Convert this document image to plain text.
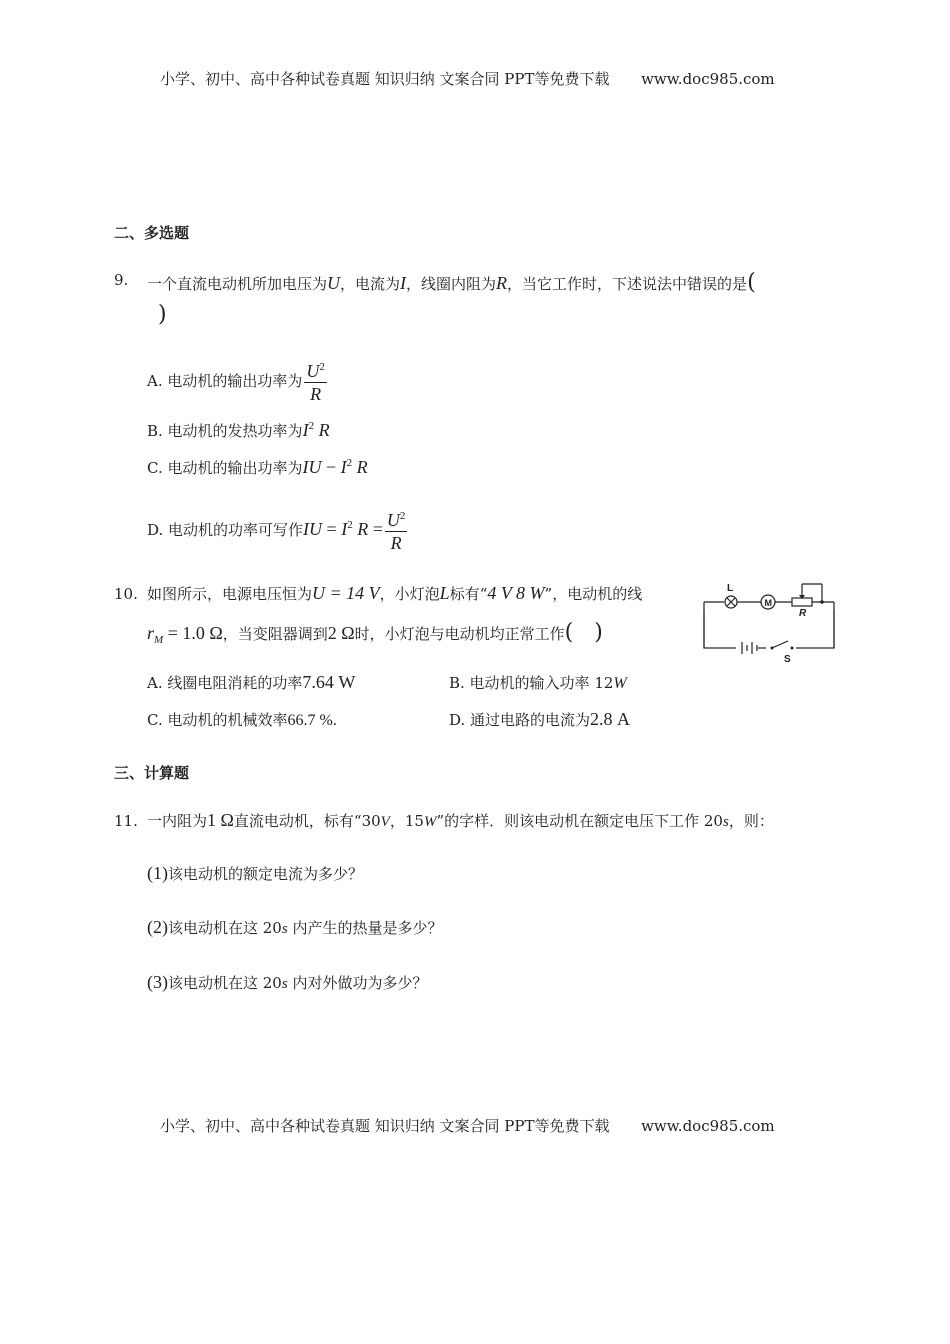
小学、初中、高中各种试卷真题 知识归纳 文案合同 PPT等免费下载 www.doc985.com
二、多选题
9. 一个直流电动机所加电压为U，电流为I，线圈内阻为R，当它工作时，下述说法中错误的是(
)
A. 电动机的输出功率为 $\frac{U^2}{R}$
B. 电动机的发热功率为$I^2$ R
C. 电动机的输出功率为IU − $I^2$ R
D. 电动机的功率可写作IU = $I^2$ $R = \frac{U^2}{R}$
10. 如图所示，电源电压恒为U = 14 V，小灯泡L标有“4 V 8 W”，电动机的线
$r_M = 1.0$ Ω，当变阻器调到2 Ω时，小灯泡与电动机均正常工作(   )
L
M
R
S
A. 线圈电阻消耗的功率7.64 W	B. 电动机的输入功率 12W
C. 电动机的机械效率66.7 %.	D. 通过电路的电流为2.8 A
三、计算题
11. 一内阻为1 Ω直流电动机，标有“30V，15W”的字样．则该电动机在额定电压下工作 20s，则：
(1)该电动机的额定电流为多少？
(2)该电动机在这 20s 内产生的热量是多少？
(3)该电动机在这 20s 内对外做功为多少？
小学、初中、高中各种试卷真题 知识归纳 文案合同 PPT等免费下载 www.doc985.com
